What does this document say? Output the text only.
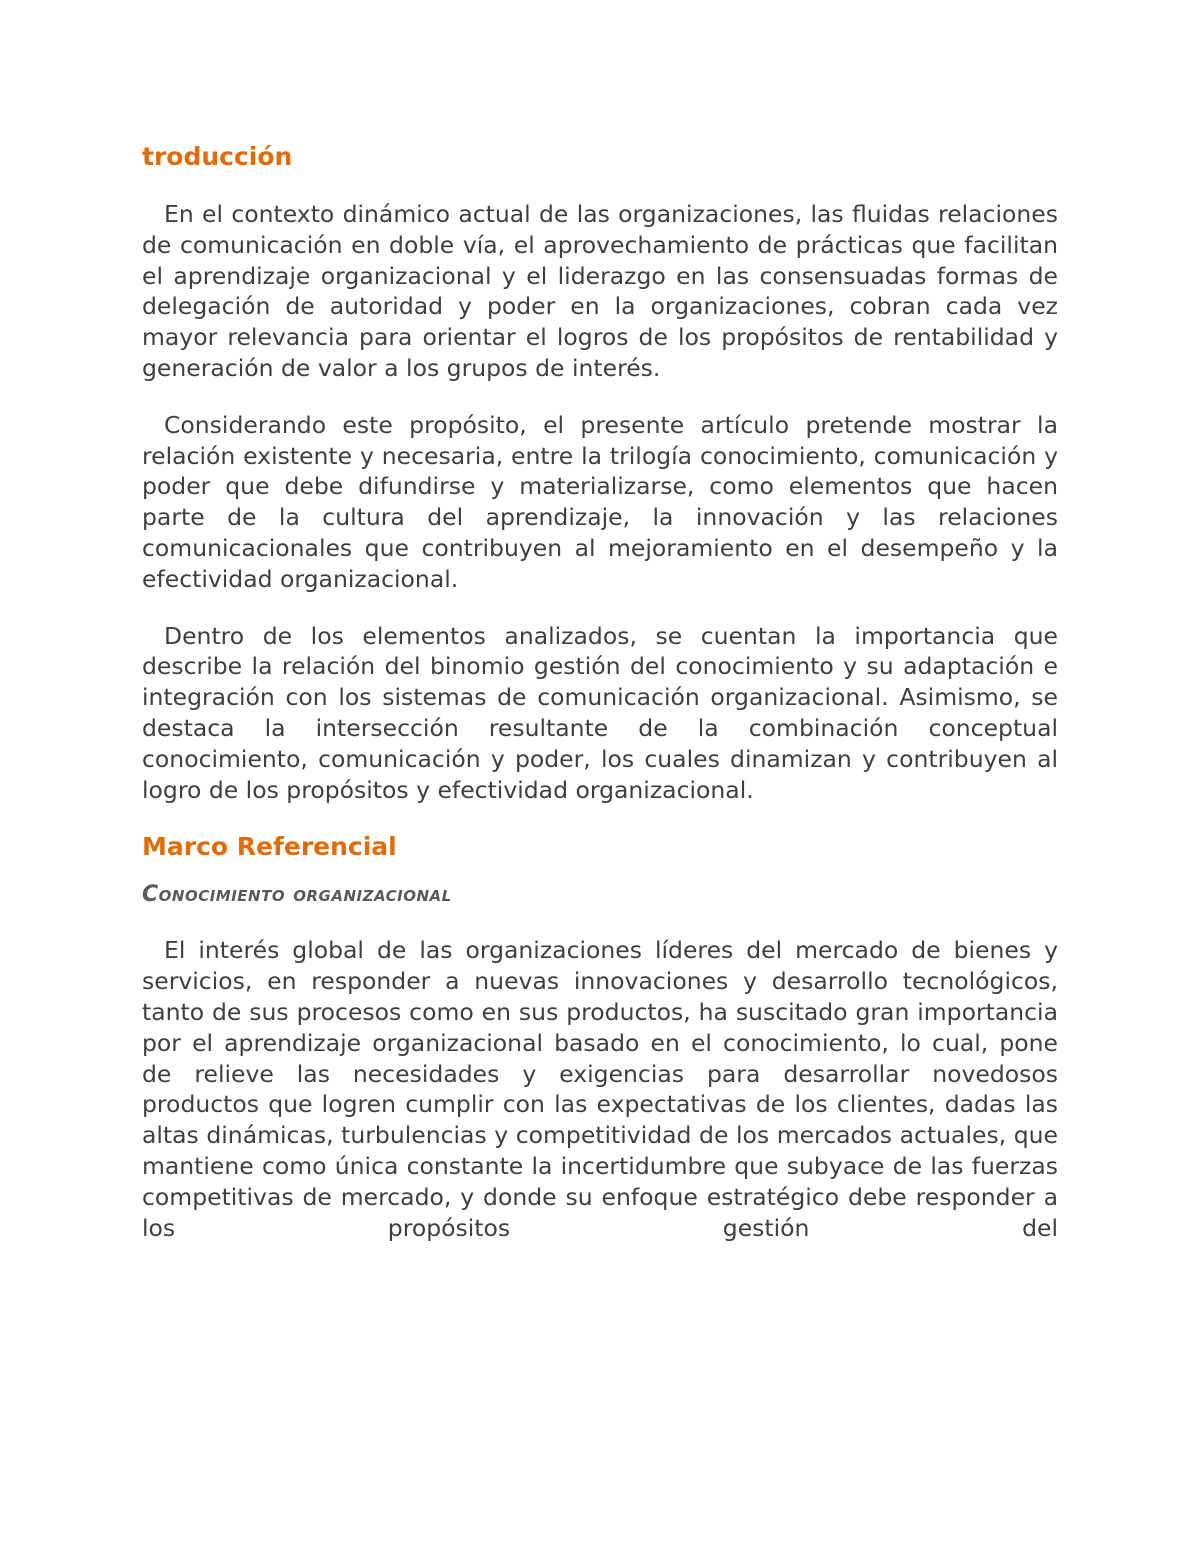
troducción

En el contexto dinámico actual de las organizaciones, las fluidas relaciones de comunicación en doble vía, el aprovechamiento de prácticas que facilitan el aprendizaje organizacional y el liderazgo en las consensuadas formas de delegación de autoridad y poder en la organizaciones, cobran cada vez mayor relevancia para orientar el logros de los propósitos de rentabilidad y generación de valor a los grupos de interés.

Considerando este propósito, el presente artículo pretende mostrar la relación existente y necesaria, entre la trilogía conocimiento, comunicación y poder que debe difundirse y materializarse, como elementos que hacen parte de la cultura del aprendizaje, la innovación y las relaciones comunicacionales que contribuyen al mejoramiento en el desempeño y la efectividad organizacional.

Dentro de los elementos analizados, se cuentan la importancia que describe la relación del binomio gestión del conocimiento y su adaptación e integración con los sistemas de comunicación organizacional. Asimismo, se destaca la intersección resultante de la combinación conceptual conocimiento, comunicación y poder, los cuales dinamizan y contribuyen al logro de los propósitos y efectividad organizacional.

Marco Referencial
Conocimiento organizacional

El interés global de las organizaciones líderes del mercado de bienes y servicios, en responder a nuevas innovaciones y desarrollo tecnológicos, tanto de sus procesos como en sus productos, ha suscitado gran importancia por el aprendizaje organizacional basado en el conocimiento, lo cual, pone de relieve las necesidades y exigencias para desarrollar novedosos productos que logren cumplir con las expectativas de los clientes, dadas las altas dinámicas, turbulencias y competitividad de los mercados actuales, que mantiene como única constante la incertidumbre que subyace de las fuerzas competitivas de mercado, y donde su enfoque estratégico debe responder a los propósitos gestión del
